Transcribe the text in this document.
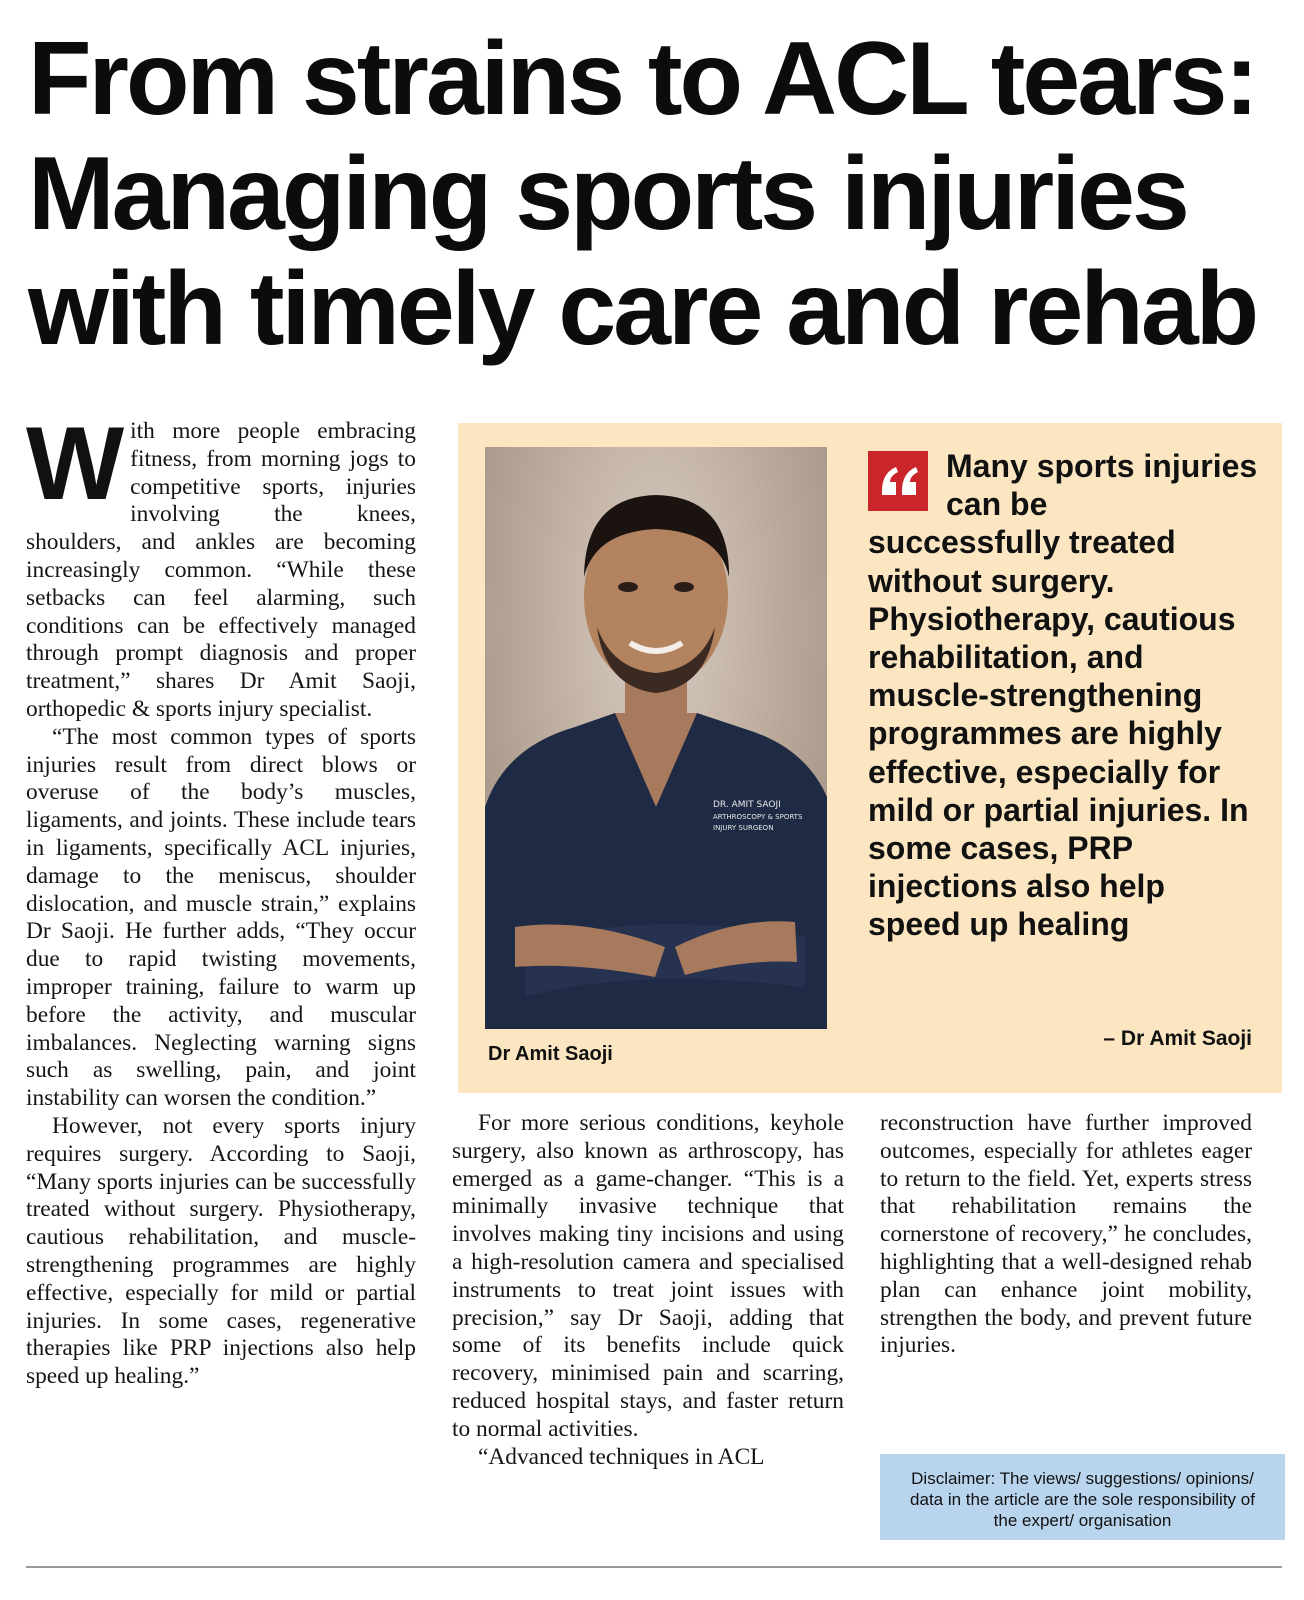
From strains to ACL tears:
Managing sports injuries
with timely care and rehab

With more people embracing fitness, from morning jogs to competitive sports, injuries involving the knees, shoulders, and ankles are becoming increasingly common. “While these setbacks can feel alarming, such conditions can be effectively managed through prompt diagnosis and proper treatment,” shares Dr Amit Saoji, orthopedic & sports injury specialist.

“The most common types of sports injuries result from direct blows or overuse of the body’s muscles, ligaments, and joints. These include tears in ligaments, specifically ACL injuries, damage to the meniscus, shoulder dislocation, and muscle strain,” explains Dr Saoji. He further adds, “They occur due to rapid twisting movements, improper training, failure to warm up before the activity, and muscular imbalances. Neglecting warning signs such as swelling, pain, and joint instability can worsen the condition.”

However, not every sports injury requires surgery. According to Saoji, “Many sports injuries can be successfully treated without surgery. Physiotherapy, cautious rehabilitation, and muscle-strengthening programmes are highly effective, especially for mild or partial injuries. In some cases, regenerative therapies like PRP injections also help speed up healing.”

DR. AMIT SAOJI
ARTHROSCOPY & SPORTS
INJURY SURGEON
Dr Amit Saoji
Many sports injuries can be
successfully treated without surgery. Physiotherapy, cautious rehabilitation, and muscle-strengthening programmes are highly effective, especially for mild or partial injuries. In some cases, PRP injections also help speed up healing
– Dr Amit Saoji

For more serious conditions, keyhole surgery, also known as arthroscopy, has emerged as a game-changer. “This is a minimally invasive technique that involves making tiny incisions and using a high-resolution camera and specialised instruments to treat joint issues with precision,” say Dr Saoji, adding that some of its benefits include quick recovery, minimised pain and scarring, reduced hospital stays, and faster return to normal activities.

“Advanced techniques in ACL

reconstruction have further improved outcomes, especially for athletes eager to return to the field. Yet, experts stress that rehabilitation remains the cornerstone of recovery,” he concludes, highlighting that a well-designed rehab plan can enhance joint mobility, strengthen the body, and prevent future injuries.

Disclaimer: The views/ suggestions/ opinions/ data in the article are the sole responsibility of the expert/ organisation
